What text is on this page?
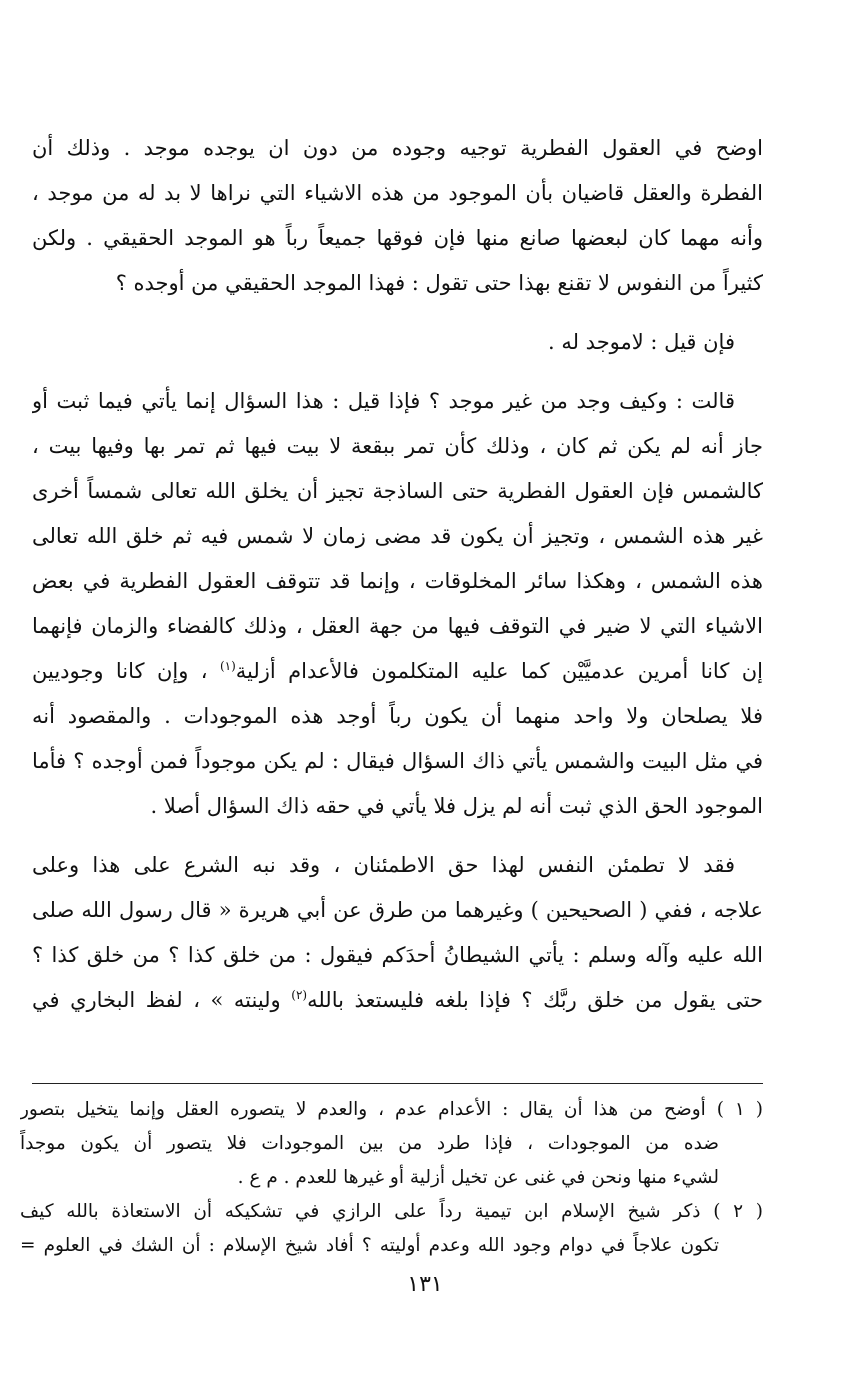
اوضح في العقول الفطرية توجيه وجوده من دون ان يوجده موجد . وذلك أن
الفطرة والعقل قاضيان بأن الموجود من هذه الاشياء التي نراها لا بد له من موجد ،
وأنه مهما كان لبعضها صانع منها فإن فوقها جميعاً رباً هو الموجد الحقيقي . ولكن
كثيراً من النفوس لا تقنع بهذا حتى تقول : فهذا الموجد الحقيقي من أوجده ؟

فإن قيل : لاموجد له .

قالت : وكيف وجد من غير موجد ؟ فإذا قيل : هذا السؤال إنما يأتي فيما ثبت أو
جاز أنه لم يكن ثم كان ، وذلك كأن تمر ببقعة لا بيت فيها ثم تمر بها وفيها بيت ،
كالشمس فإن العقول الفطرية حتى الساذجة تجيز أن يخلق الله تعالى شمساً أخرى
غير هذه الشمس ، وتجيز أن يكون قد مضى زمان لا شمس فيه ثم خلق الله تعالى
هذه الشمس ، وهكذا سائر المخلوقات ، وإنما قد تتوقف العقول الفطرية في بعض
الاشياء التي لا ضير في التوقف فيها من جهة العقل ، وذلك كالفضاء والزمان فإنهما
إن كانا أمرين عدميَّيْن كما عليه المتكلمون فالأعدام أزلية$^{(١)}$ ، وإن كانا وجوديين
فلا يصلحان ولا واحد منهما أن يكون رباً أوجد هذه الموجودات . والمقصود أنه
في مثل البيت والشمس يأتي ذاك السؤال فيقال : لم يكن موجوداً فمن أوجده ؟ فأما
الموجود الحق الذي ثبت أنه لم يزل فلا يأتي في حقه ذاك السؤال أصلا .

فقد لا تطمئن النفس لهذا حق الاطمئنان ، وقد نبه الشرع على هذا وعلى
علاجه ، ففي ( الصحيحين ) وغيرهما من طرق عن أبي هريرة « قال رسول الله صلى
الله عليه وآله وسلم : يأتي الشيطانُ أحدَكم فيقول : من خلق كذا ؟ من خلق كذا ؟
حتى يقول من خلق ربَّك ؟ فإذا بلغه فليستعذ بالله$^{(٢)}$ ولينته » ، لفظ البخاري في

( ١ ) أوضح من هذا أن يقال : الأعدام عدم ، والعدم لا يتصوره العقل وإنما يتخيل بتصور
ضده من الموجودات ، فإذا طرد من بين الموجودات فلا يتصور أن يكون موجداً
لشيء منها ونحن في غنى عن تخيل أزلية أو غيرها للعدم . م ع .
( ٢ ) ذكر شيخ الإسلام ابن تيمية رداً على الرازي في تشكيكه أن الاستعاذة بالله كيف
تكون علاجاً في دوام وجود الله وعدم أوليته ؟ أفاد شيخ الإسلام : أن الشك في العلوم =
١٣١
